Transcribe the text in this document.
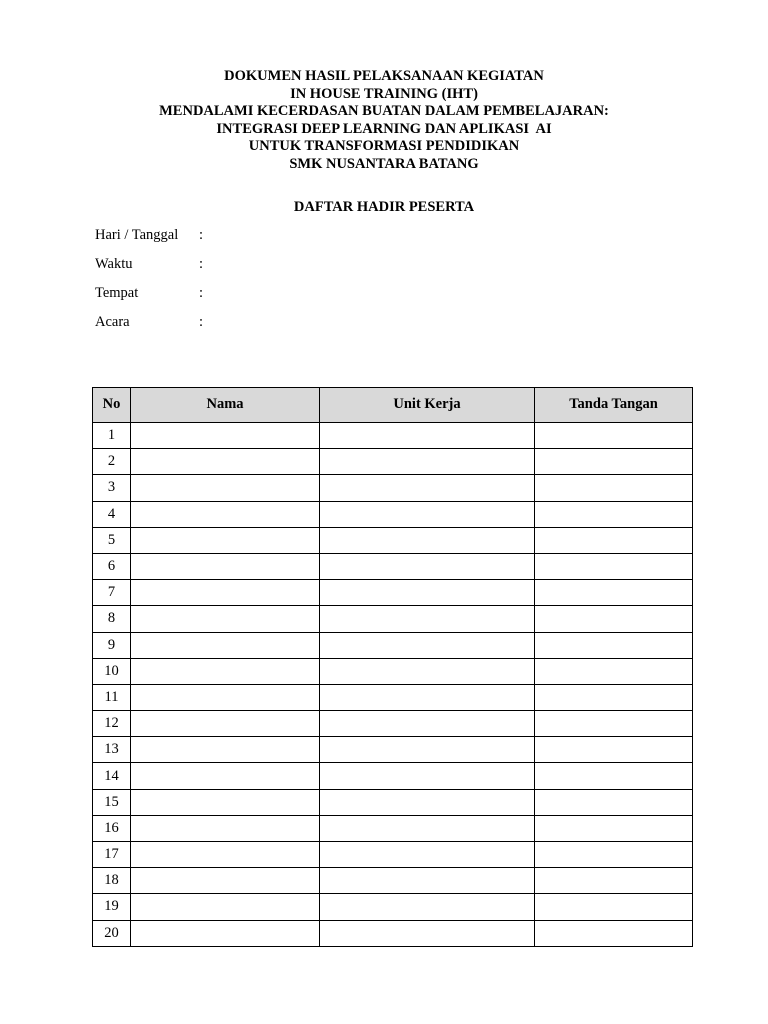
DOKUMEN HASIL PELAKSANAAN KEGIATAN
IN HOUSE TRAINING (IHT)
MENDALAMI KECERDASAN BUATAN DALAM PEMBELAJARAN:
INTEGRASI DEEP LEARNING DAN APLIKASI  AI
UNTUK TRANSFORMASI PENDIDIKAN
SMK NUSANTARA BATANG
DAFTAR HADIR PESERTA
Hari / Tanggal :
Waktu	:
Tempat	:
Acara	:
No	Nama	Unit Kerja	Tanda Tangan
1			
2			
3			
4			
5			
6			
7			
8			
9			
10			
11			
12			
13			
14			
15			
16			
17			
18			
19			
20			
